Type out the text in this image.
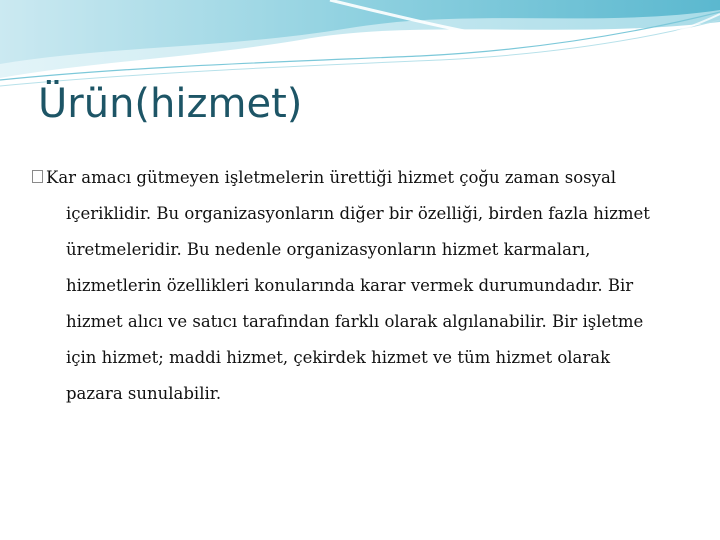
Ürün(hizmet)
Kar amacı gütmeyen işletmelerin ürettiği hizmet çoğu zaman sosyal
içeriklidir. Bu organizasyonların diğer bir özelliği, birden fazla hizmet
üretmeleridir. Bu nedenle organizasyonların hizmet karmaları,
hizmetlerin özellikleri konularında karar vermek durumundadır. Bir
hizmet alıcı ve satıcı tarafından farklı olarak algılanabilir. Bir işletme
için hizmet; maddi hizmet, çekirdek hizmet ve tüm hizmet olarak
pazara sunulabilir.
